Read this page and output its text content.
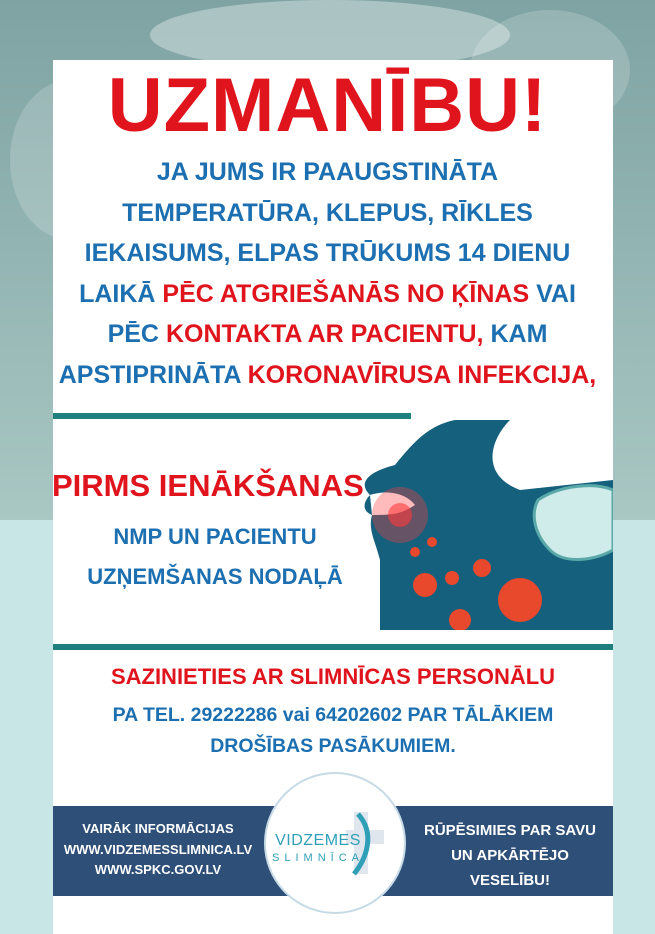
UZMANĪBU!
JA JUMS IR PAAUGSTINĀTA
TEMPERATŪRA, KLEPUS, RĪKLES
IEKAISUMS, ELPAS TRŪKUMS 14 DIENU
LAIKĀ PĒC ATGRIEŠANĀS NO ĶĪNAS VAI
PĒC KONTAKTA AR PACIENTU, KAM
APSTIPRINĀTA KORONAVĪRUSA INFEKCIJA,
PIRMS IENĀKŠANAS
NMP UN PACIENTU
UZŅEMŠANAS NODAĻĀ
SAZINIETIES AR SLIMNĪCAS PERSONĀLU
PA TEL. 29222286 vai 64202602 PAR TĀLĀKIEM
DROŠĪBAS PASĀKUMIEM.
VAIRĀK INFORMĀCIJAS
WWW.VIDZEMESSLIMNICA.LV
WWW.SPKC.GOV.LV
RŪPĒSIMIES PAR SAVU
UN APKĀRTĒJO
VESELĪBU!
VIDZEMES
SLIMNĪCA
